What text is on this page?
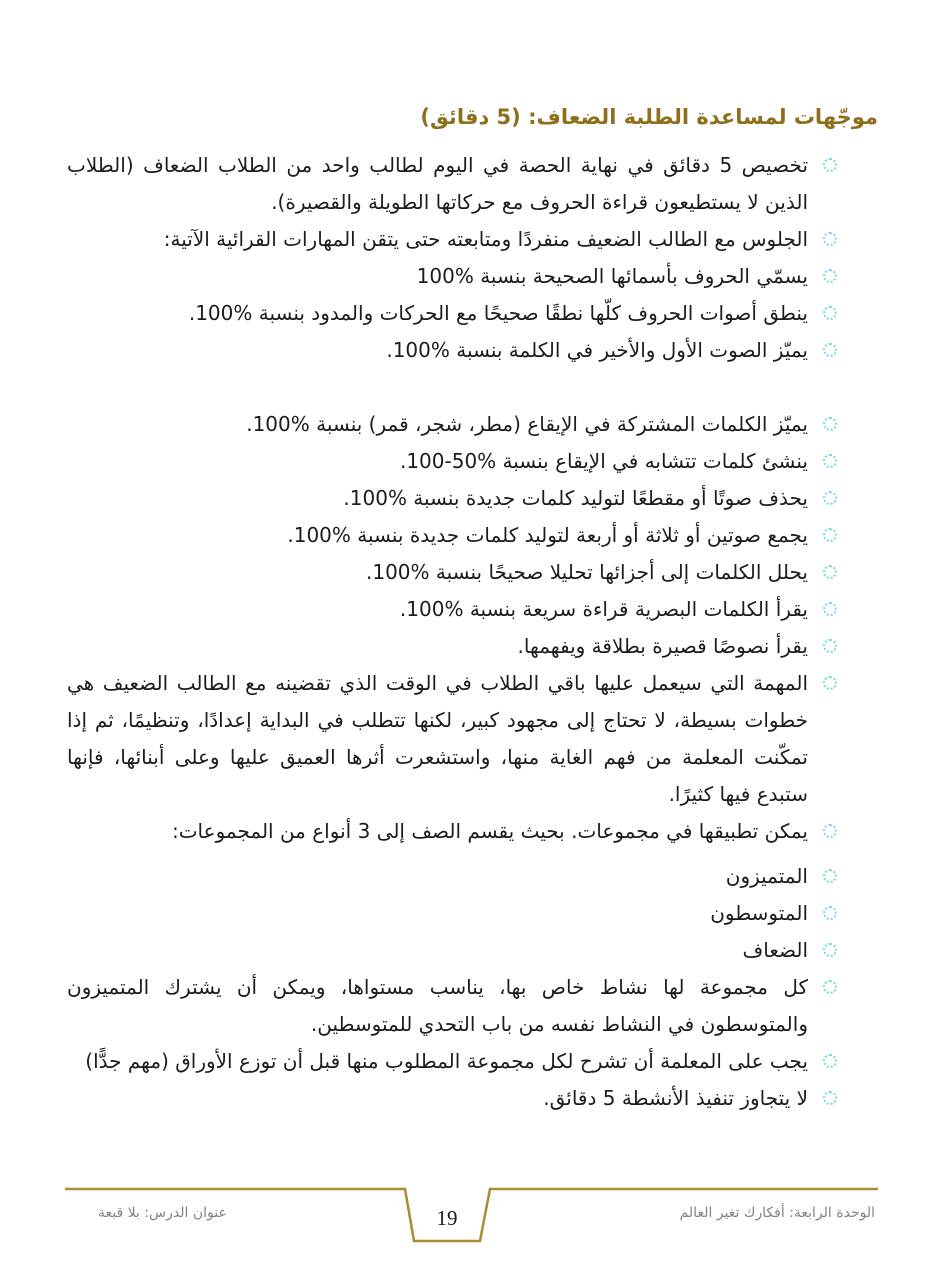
موجّهات لمساعدة الطلبة الضعاف: (5 دقائق)
تخصيص 5 دقائق في نهاية الحصة في اليوم لطالب واحد من الطلاب الضعاف (الطلاب الذين لا يستطيعون قراءة الحروف مع حركاتها الطويلة والقصيرة).
الجلوس مع الطالب الضعيف منفردًا ومتابعته حتى يتقن المهارات القرائية الآتية:
يسمّي الحروف بأسمائها الصحيحة بنسبة %100
ينطق أصوات الحروف كلّها نطقًا صحيحًا مع الحركات والمدود بنسبة %100.
يميّز الصوت الأول والأخير في الكلمة بنسبة %100.
يميّز الكلمات المشتركة في الإيقاع (مطر، شجر، قمر) بنسبة %100.
ينشئ كلمات تتشابه في الإيقاع بنسبة %50-100.
يحذف صوتًا أو مقطعًا لتوليد كلمات جديدة بنسبة %100.
يجمع صوتين أو ثلاثة أو أربعة لتوليد كلمات جديدة بنسبة %100.
يحلل الكلمات إلى أجزائها تحليلا صحيحًا بنسبة %100.
يقرأ الكلمات البصرية قراءة سريعة بنسبة %100.
يقرأ نصوصًا قصيرة بطلاقة ويفهمها.
المهمة التي سيعمل عليها باقي الطلاب في الوقت الذي تقضينه مع الطالب الضعيف هي خطوات بسيطة، لا تحتاج إلى مجهود كبير، لكنها تتطلب في البداية إعدادًا، وتنظيمًا، ثم إذا تمكّنت المعلمة من فهم الغاية منها، واستشعرت أثرها العميق عليها وعلى أبنائها، فإنها ستبدع فيها كثيرًا.
يمكن تطبيقها في مجموعات. بحيث يقسم الصف إلى 3 أنواع من المجموعات:
المتميزون
المتوسطون
الضعاف
كل مجموعة لها نشاط خاص بها، يناسب مستواها، ويمكن أن يشترك المتميزون والمتوسطون في النشاط نفسه من باب التحدي للمتوسطين.
يجب على المعلمة أن تشرح لكل مجموعة المطلوب منها قبل أن توزع الأوراق (مهم جدًّا)
لا يتجاوز تنفيذ الأنشطة 5 دقائق.
عنوان الدرس: بلا قبعة	الوحدة الرابعة: أفكارك تغير العالم
19
